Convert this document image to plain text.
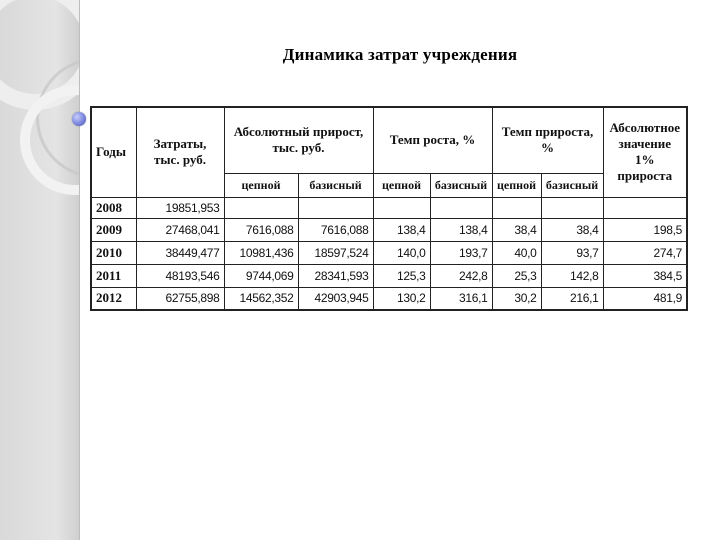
Динамика затрат учреждения
Годы	Затраты, тыс. руб.	Абсолютный прирост, тыс. руб.		Темп роста, %		Темп прироста, %		Абсолютное значение 1% прироста
		цепной	базисный	цепной	базисный	цепной	базисный	
2008	19851,953							
2009	27468,041	7616,088	7616,088	138,4	138,4	38,4	38,4	198,5
2010	38449,477	10981,436	18597,524	140,0	193,7	40,0	93,7	274,7
2011	48193,546	9744,069	28341,593	125,3	242,8	25,3	142,8	384,5
2012	62755,898	14562,352	42903,945	130,2	316,1	30,2	216,1	481,9
